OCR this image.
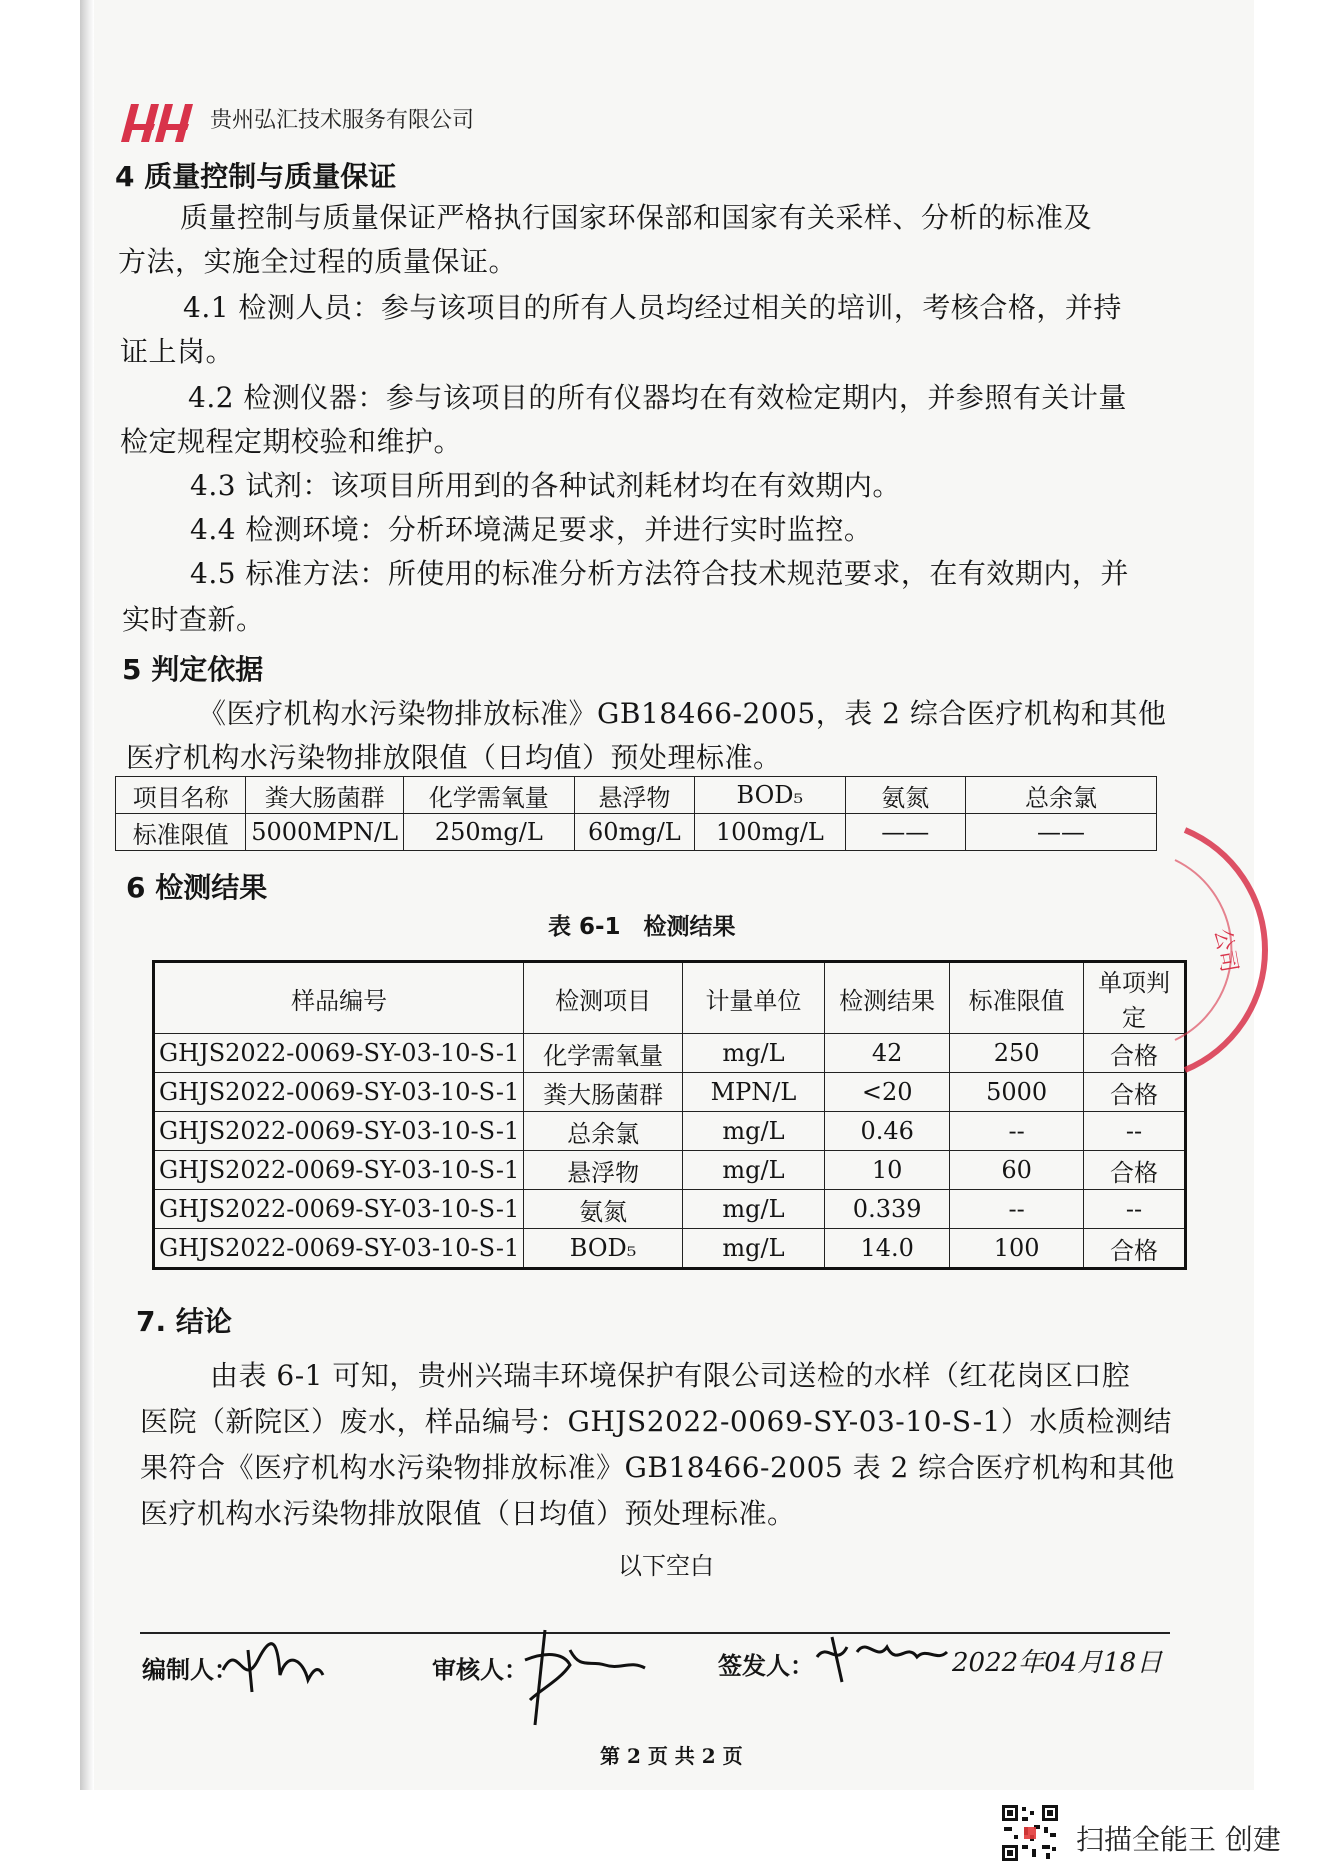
贵州弘汇技术服务有限公司
4 质量控制与质量保证
质量控制与质量保证严格执行国家环保部和国家有关采样、分析的标准及
方法，实施全过程的质量保证。
4.1 检测人员：参与该项目的所有人员均经过相关的培训，考核合格，并持
证上岗。
4.2 检测仪器：参与该项目的所有仪器均在有效检定期内，并参照有关计量
检定规程定期校验和维护。
4.3 试剂：该项目所用到的各种试剂耗材均在有效期内。
4.4 检测环境：分析环境满足要求，并进行实时监控。
4.5 标准方法：所使用的标准分析方法符合技术规范要求，在有效期内，并
实时查新。
5 判定依据
《医疗机构水污染物排放标准》GB18466-2005，表 2 综合医疗机构和其他
医疗机构水污染物排放限值（日均值）预处理标准。
项目名称	粪大肠菌群	化学需氧量	悬浮物	BOD₅	氨氮	总余氯
标准限值	5000MPN/L	250mg/L	60mg/L	100mg/L	——	——
6 检测结果
表 6-1　检测结果
样品编号	检测项目	计量单位	检测结果	标准限值	单项判定
GHJS2022-0069-SY-03-10-S-1	化学需氧量	mg/L	42	250	合格
GHJS2022-0069-SY-03-10-S-1	粪大肠菌群	MPN/L	<20	5000	合格
GHJS2022-0069-SY-03-10-S-1	总余氯	mg/L	0.46	--	--
GHJS2022-0069-SY-03-10-S-1	悬浮物	mg/L	10	60	合格
GHJS2022-0069-SY-03-10-S-1	氨氮	mg/L	0.339	--	--
GHJS2022-0069-SY-03-10-S-1	BOD₅	mg/L	14.0	100	合格
公司
7. 结论
由表 6-1 可知，贵州兴瑞丰环境保护有限公司送检的水样（红花岗区口腔
医院（新院区）废水，样品编号：GHJS2022-0069-SY-03-10-S-1）水质检测结
果符合《医疗机构水污染物排放标准》GB18466-2005 表 2 综合医疗机构和其他
医疗机构水污染物排放限值（日均值）预处理标准。
以下空白
编制人：	审核人：	签发人：	2022年04月18日
第 2 页 共 2 页
扫描全能王 创建
